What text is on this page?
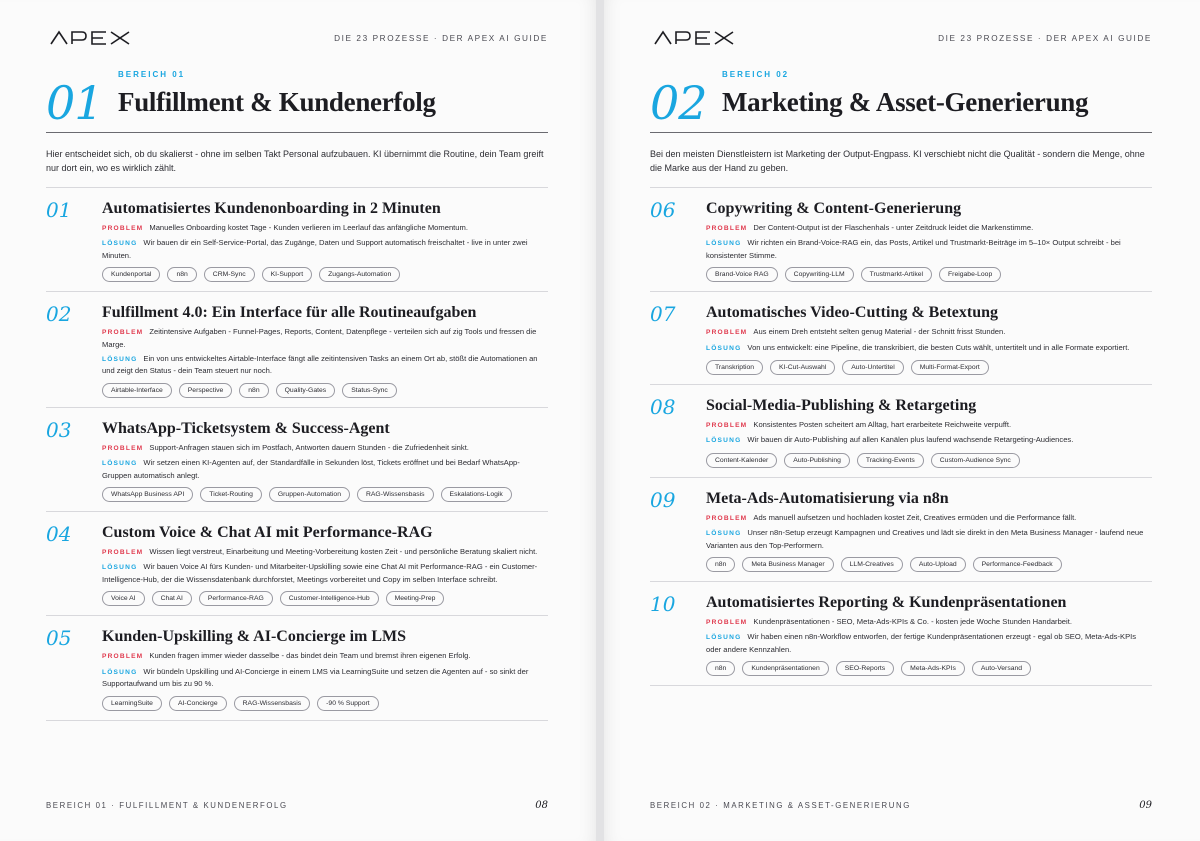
DIE 23 PROZESSE · DER APEX AI GUIDE
01
BEREICH 01
Fulfillment & Kundenerfolg

Hier entscheidet sich, ob du skalierst - ohne im selben Takt Personal aufzubauen. KI übernimmt die Routine, dein Team greift nur dort ein, wo es wirklich zählt.

01	Automatisiertes Kundenonboarding in 2 Minuten

PROBLEM Manuelles Onboarding kostet Tage - Kunden verlieren im Leerlauf das anfängliche Momentum.

LÖSUNG Wir bauen dir ein Self-Service-Portal, das Zugänge, Daten und Support automatisch freischaltet - live in unter zwei Minuten.

Kundenportal	n8n	CRM-Sync	KI-Support	Zugangs-Automation
02	Fulfillment 4.0: Ein Interface für alle Routineaufgaben

PROBLEM Zeitintensive Aufgaben - Funnel-Pages, Reports, Content, Datenpflege - verteilen sich auf zig Tools und fressen die Marge.

LÖSUNG Ein von uns entwickeltes Airtable-Interface fängt alle zeitintensiven Tasks an einem Ort ab, stößt die Automationen an und zeigt den Status - dein Team steuert nur noch.

Airtable-Interface	Perspective	n8n	Quality-Gates	Status-Sync
03	WhatsApp-Ticketsystem & Success-Agent

PROBLEM Support-Anfragen stauen sich im Postfach, Antworten dauern Stunden - die Zufriedenheit sinkt.

LÖSUNG Wir setzen einen KI-Agenten auf, der Standardfälle in Sekunden löst, Tickets eröffnet und bei Bedarf WhatsApp-Gruppen automatisch anlegt.

WhatsApp Business API	Ticket-Routing	Gruppen-Automation	RAG-Wissensbasis	Eskalations-Logik
04	Custom Voice & Chat AI mit Performance-RAG

PROBLEM Wissen liegt verstreut, Einarbeitung und Meeting-Vorbereitung kosten Zeit - und persönliche Beratung skaliert nicht.

LÖSUNG Wir bauen Voice AI fürs Kunden- und Mitarbeiter-Upskilling sowie eine Chat AI mit Performance-RAG - ein Customer-Intelligence-Hub, der die Wissensdatenbank durchforstet, Meetings vorbereitet und Copy im selben Interface schreibt.

Voice AI	Chat AI	Performance-RAG	Customer-Intelligence-Hub	Meeting-Prep
05	Kunden-Upskilling & AI-Concierge im LMS

PROBLEM Kunden fragen immer wieder dasselbe - das bindet dein Team und bremst ihren eigenen Erfolg.

LÖSUNG Wir bündeln Upskilling und AI-Concierge in einem LMS via LearningSuite und setzen die Agenten auf - so sinkt der Supportaufwand um bis zu 90 %.

LearningSuite	AI-Concierge	RAG-Wissensbasis	-90 % Support
BEREICH 01 · FULFILLMENT & KUNDENERFOLG	08
DIE 23 PROZESSE · DER APEX AI GUIDE
02
BEREICH 02
Marketing & Asset-Generierung

Bei den meisten Dienstleistern ist Marketing der Output-Engpass. KI verschiebt nicht die Qualität - sondern die Menge, ohne die Marke aus der Hand zu geben.

06	Copywriting & Content-Generierung

PROBLEM Der Content-Output ist der Flaschenhals - unter Zeitdruck leidet die Markenstimme.

LÖSUNG Wir richten ein Brand-Voice-RAG ein, das Posts, Artikel und Trustmarkt-Beiträge im 5–10× Output schreibt - bei konsistenter Stimme.

Brand-Voice RAG	Copywriting-LLM	Trustmarkt-Artikel	Freigabe-Loop
07	Automatisches Video-Cutting & Betextung

PROBLEM Aus einem Dreh entsteht selten genug Material - der Schnitt frisst Stunden.

LÖSUNG Von uns entwickelt: eine Pipeline, die transkribiert, die besten Cuts wählt, untertitelt und in alle Formate exportiert.

Transkription	KI-Cut-Auswahl	Auto-Untertitel	Multi-Format-Export
08	Social-Media-Publishing & Retargeting

PROBLEM Konsistentes Posten scheitert am Alltag, hart erarbeitete Reichweite verpufft.

LÖSUNG Wir bauen dir Auto-Publishing auf allen Kanälen plus laufend wachsende Retargeting-Audiences.

Content-Kalender	Auto-Publishing	Tracking-Events	Custom-Audience Sync
09	Meta-Ads-Automatisierung via n8n

PROBLEM Ads manuell aufsetzen und hochladen kostet Zeit, Creatives ermüden und die Performance fällt.

LÖSUNG Unser n8n-Setup erzeugt Kampagnen und Creatives und lädt sie direkt in den Meta Business Manager - laufend neue Varianten aus den Top-Performern.

n8n	Meta Business Manager	LLM-Creatives	Auto-Upload	Performance-Feedback
10	Automatisiertes Reporting & Kundenpräsentationen

PROBLEM Kundenpräsentationen - SEO, Meta-Ads-KPIs & Co. - kosten jede Woche Stunden Handarbeit.

LÖSUNG Wir haben einen n8n-Workflow entworfen, der fertige Kundenpräsentationen erzeugt - egal ob SEO, Meta-Ads-KPIs oder andere Kennzahlen.

n8n	Kundenpräsentationen	SEO-Reports	Meta-Ads-KPIs	Auto-Versand
BEREICH 02 · MARKETING & ASSET-GENERIERUNG	09
